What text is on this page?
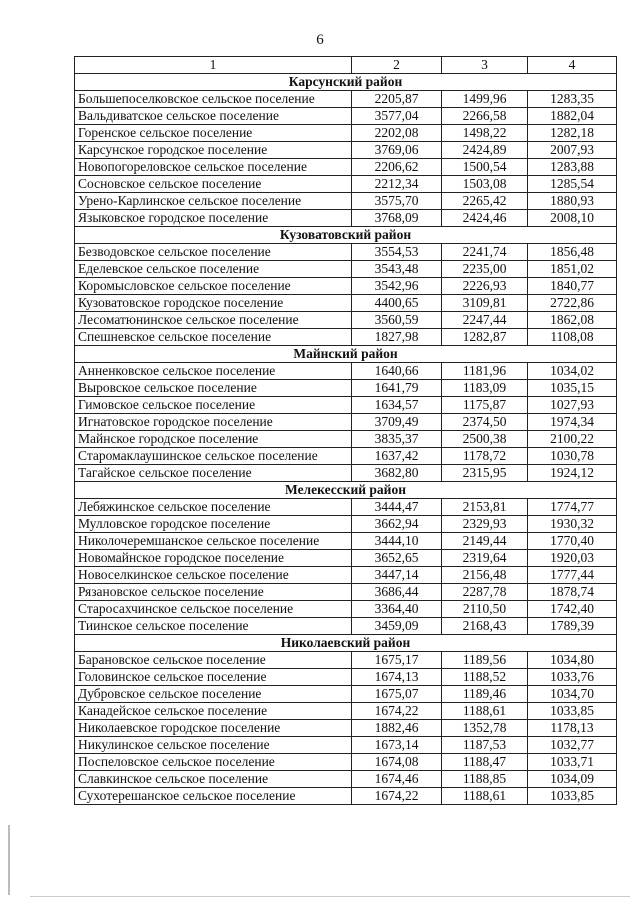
6
1	2	3	4
Карсунский район			
Большепоселковское сельское поселение	2205,87	1499,96	1283,35
Вальдиватское сельское поселение	3577,04	2266,58	1882,04
Горенское сельское поселение	2202,08	1498,22	1282,18
Карсунское городское поселение	3769,06	2424,89	2007,93
Новопогореловское сельское поселение	2206,62	1500,54	1283,88
Сосновское сельское поселение	2212,34	1503,08	1285,54
Урено-Карлинское сельское поселение	3575,70	2265,42	1880,93
Языковское городское поселение	3768,09	2424,46	2008,10
Кузоватовский район			
Безводовское сельское поселение	3554,53	2241,74	1856,48
Еделевское сельское поселение	3543,48	2235,00	1851,02
Коромысловское сельское поселение	3542,96	2226,93	1840,77
Кузоватовское городское поселение	4400,65	3109,81	2722,86
Лесоматюнинское сельское поселение	3560,59	2247,44	1862,08
Спешневское сельское поселение	1827,98	1282,87	1108,08
Майнский район			
Анненковское сельское поселение	1640,66	1181,96	1034,02
Выровское сельское поселение	1641,79	1183,09	1035,15
Гимовское сельское поселение	1634,57	1175,87	1027,93
Игнатовское городское поселение	3709,49	2374,50	1974,34
Майнское городское поселение	3835,37	2500,38	2100,22
Старомаклаушинское сельское поселение	1637,42	1178,72	1030,78
Тагайское сельское поселение	3682,80	2315,95	1924,12
Мелекесский район			
Лебяжинское сельское поселение	3444,47	2153,81	1774,77
Мулловское городское поселение	3662,94	2329,93	1930,32
Николочеремшанское сельское поселение	3444,10	2149,44	1770,40
Новомайнское городское поселение	3652,65	2319,64	1920,03
Новоселкинское сельское поселение	3447,14	2156,48	1777,44
Рязановское сельское поселение	3686,44	2287,78	1878,74
Старосахчинское сельское поселение	3364,40	2110,50	1742,40
Тиинское сельское поселение	3459,09	2168,43	1789,39
Николаевский район			
Барановское сельское поселение	1675,17	1189,56	1034,80
Головинское сельское поселение	1674,13	1188,52	1033,76
Дубровское сельское поселение	1675,07	1189,46	1034,70
Канадейское сельское поселение	1674,22	1188,61	1033,85
Николаевское городское поселение	1882,46	1352,78	1178,13
Никулинское сельское поселение	1673,14	1187,53	1032,77
Поспеловское сельское поселение	1674,08	1188,47	1033,71
Славкинское сельское поселение	1674,46	1188,85	1034,09
Сухотерешанское сельское поселение	1674,22	1188,61	1033,85
